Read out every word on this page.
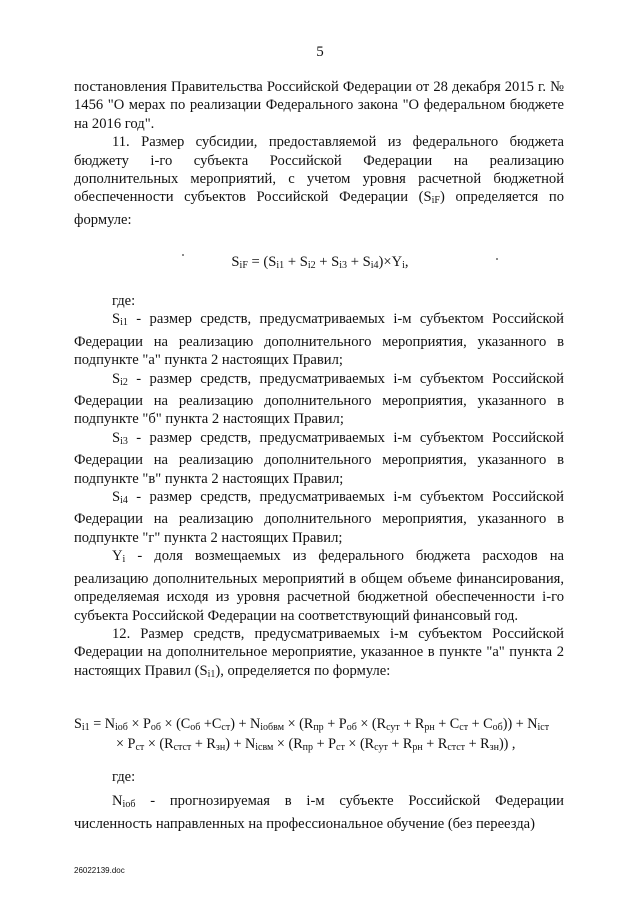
5

постановления Правительства Российской Федерации от 28 декабря 2015 г. № 1456 "О мерах по реализации Федерального закона "О федеральном бюджете на 2016 год".

11. Размер субсидии, предоставляемой из федерального бюджета бюджету i-го субъекта Российской Федерации на реализацию дополнительных мероприятий, с учетом уровня расчетной бюджетной обеспеченности субъектов Российской Федерации $(S_{iF})$ определяется по формуле:

$S_{iF} = (S_{i1} + S_{i2} + S_{i3} + S_{i4})\times Y_i$,

где:

$S_{i1}$ - размер средств, предусматриваемых i-м субъектом Российской Федерации на реализацию дополнительного мероприятия, указанного в подпункте "а" пункта 2 настоящих Правил;

$S_{i2}$ - размер средств, предусматриваемых i-м субъектом Российской Федерации на реализацию дополнительного мероприятия, указанного в подпункте "б" пункта 2 настоящих Правил;

$S_{i3}$ - размер средств, предусматриваемых i-м субъектом Российской Федерации на реализацию дополнительного мероприятия, указанного в подпункте "в" пункта 2 настоящих Правил;

$S_{i4}$ - размер средств, предусматриваемых i-м субъектом Российской Федерации на реализацию дополнительного мероприятия, указанного в подпункте "г" пункта 2 настоящих Правил;

$Y_i$ - доля возмещаемых из федерального бюджета расходов на реализацию дополнительных мероприятий в общем объеме финансирования, определяемая исходя из уровня расчетной бюджетной обеспеченности i-го субъекта Российской Федерации на соответствующий финансовый год.

12. Размер средств, предусматриваемых i-м субъектом Российской Федерации на дополнительное мероприятие, указанное в пункте "а" пункта 2 настоящих Правил $(S_{i1})$, определяется по формуле:

$S_{i1} = N_{iоб} \times P_{об} \times (C_{об} +C_{ст}) + N_{iобвм} \times (R_{пр} + P_{об} \times (R_{сут} + R_{рн} + C_{ст} + C_{об})) + N_{iст}$
× $P_{ст} \times (R_{стст} + R_{зн}) + N_{iсвм} \times (R_{пр} + P_{ст} \times (R_{сут} + R_{рн} + R_{стст} + R_{зн}))$ ,

где:

$N_{iоб}$ - прогнозируемая в i-м субъекте Российской Федерации численность направленных на профессиональное обучение (без переезда)

26022139.doc
